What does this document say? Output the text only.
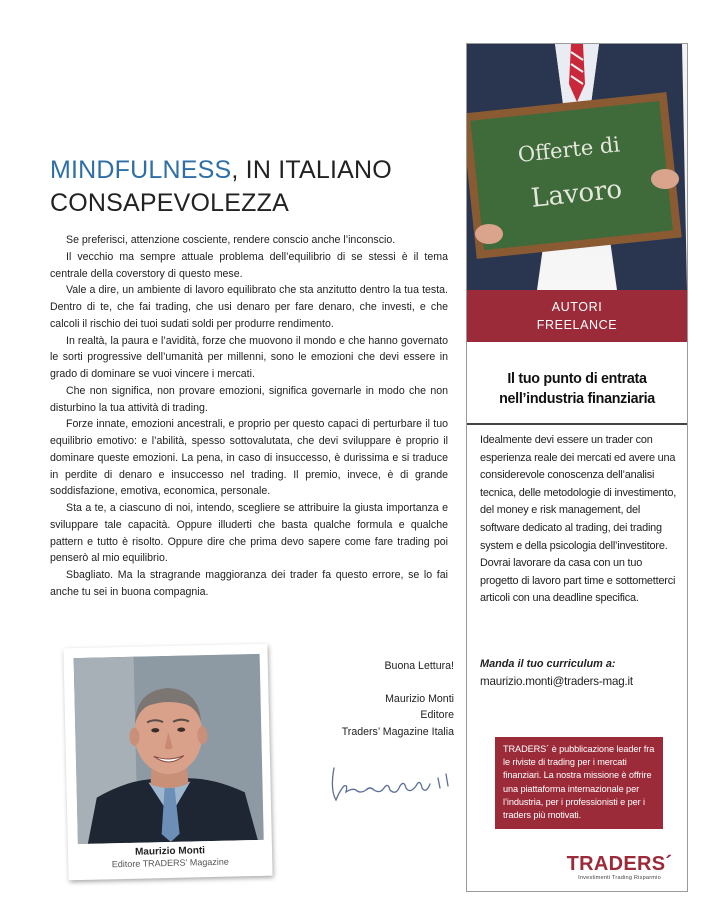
MINDFULNESS, IN ITALIANO
CONSAPEVOLEZZA

Se preferisci, attenzione cosciente, rendere conscio anche l’inconscio.

Il vecchio ma sempre attuale problema dell’equilibrio di se stessi è il tema centrale della coverstory di questo mese.

Vale a dire, un ambiente di lavoro equilibrato che sta anzitutto dentro la tua testa. Dentro di te, che fai trading, che usi denaro per fare denaro, che investi, e che calcoli il rischio dei tuoi sudati soldi per produrre rendimento.

In realtà, la paura e l’avidità, forze che muovono il mondo e che hanno governato le sorti progressive dell’umanità per millenni, sono le emozioni che devi essere in grado di dominare se vuoi vincere i mercati.

Che non significa, non provare emozioni, significa governarle in modo che non disturbino la tua attività di trading.

Forze innate, emozioni ancestrali, e proprio per questo capaci di perturbare il tuo equilibrio emotivo: e l’abilità, spesso sottovalutata, che devi sviluppare è proprio il dominare queste emozioni. La pena, in caso di insuccesso, è durissima e si traduce in perdite di denaro e insuccesso nel trading. Il premio, invece, è di grande soddisfazione, emotiva, economica, personale.

Sta a te, a ciascuno di noi, intendo, scegliere se attribuire la giusta importanza e sviluppare tale capacità. Oppure illuderti che basta qualche formula e qualche pattern e tutto è risolto. Oppure dire che prima devo sapere come fare trading poi penserò al mio equilibrio.

Sbagliato. Ma la stragrande maggioranza dei trader fa questo errore, se lo fai anche tu sei in buona compagnia.

Maurizio Monti
Editore TRADERS’ Magazine
Buona Lettura!
Maurizio Monti
Editore
Traders’ Magazine Italia
Offerte di
Lavoro
AUTORI
FREELANCE
Il tuo punto di entrata
nell’industria finanziaria
Idealmente devi essere un trader con esperienza reale dei mercati ed avere una considerevole conoscenza dell’analisi tecnica, delle metodologie di investimento, del money e risk management, del software dedicato al trading, dei trading system e della psicologia dell’investitore. Dovrai lavorare da casa con un tuo progetto di lavoro part time e sottometterci articoli con una deadline specifica.
Manda il tuo curriculum a:
maurizio.monti@traders-mag.it
TRADERS´ è pubblicazione leader fra le riviste di trading per i mercati finanziari. La nostra missione è offrire una piattaforma internazionale per l’industria, per i professionisti e per i traders più motivati.
TRADERS´
Investimenti Trading Risparmio
